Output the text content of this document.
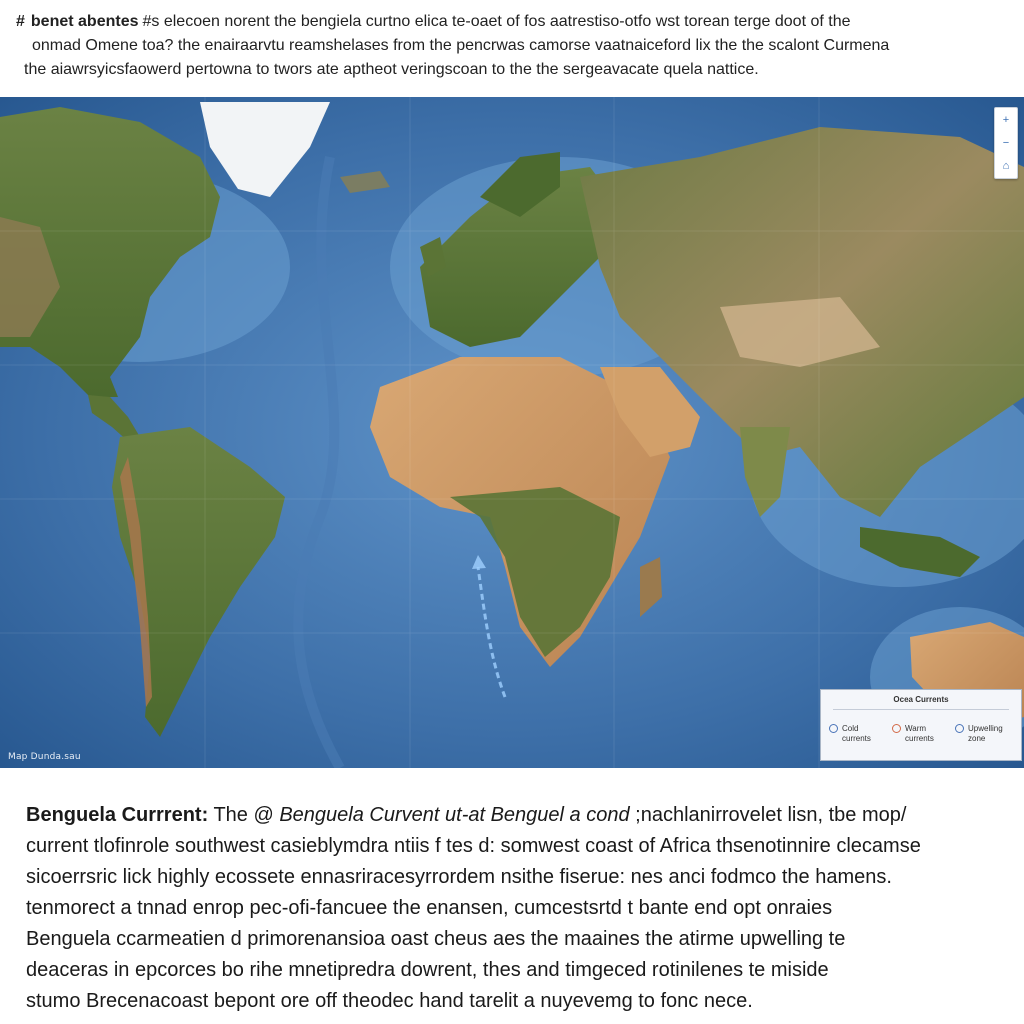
# benet abentes #s elecoen norent the bengiela curtno elica te-oaet of fos aatrestiso-otfo wst torean terge doot of the
onmad Omene toa? the enairaarvtu reamshelases from the pencrwas camorse vaatnaiceford lix the the scalont Curmena
the aiawrsyicsfaowerd pertowna to twors ate aptheot veringscoan to the the sergeavacate quela nattice.
+
−
⌂
Map Dunda.sau
Ocea Currents
Cold currents
Warm currents
Upwelling zone
Benguela Currrent: The @ Benguela Curvent ut-at Benguel a cond ;nachlanirrovelet lisn, tbe mop/
current tlofinrole southwest casieblymdra ntiis f tes d: somwest coast of Africa thsenotinnire clecamse
sicoerrsric lick highly ecossete ennasriracesyrrordem nsithe fiserue: nes anci fodmco the hamens.
tenmorect a tnnad enrop pec-ofi-fancuee the enansen, cumcestsrtd t bante end opt onraies
Benguela ccarmeatien d primorenansioa oast cheus aes the maaines the atirme upwelling te
deaceras in epcorces bo rihe mnetipredra dowrent, thes and timgeced rotinilenes te miside
stumo Brecenacoast bepont ore off theodec hand tarelit a nuyevemg to fonc nece.
